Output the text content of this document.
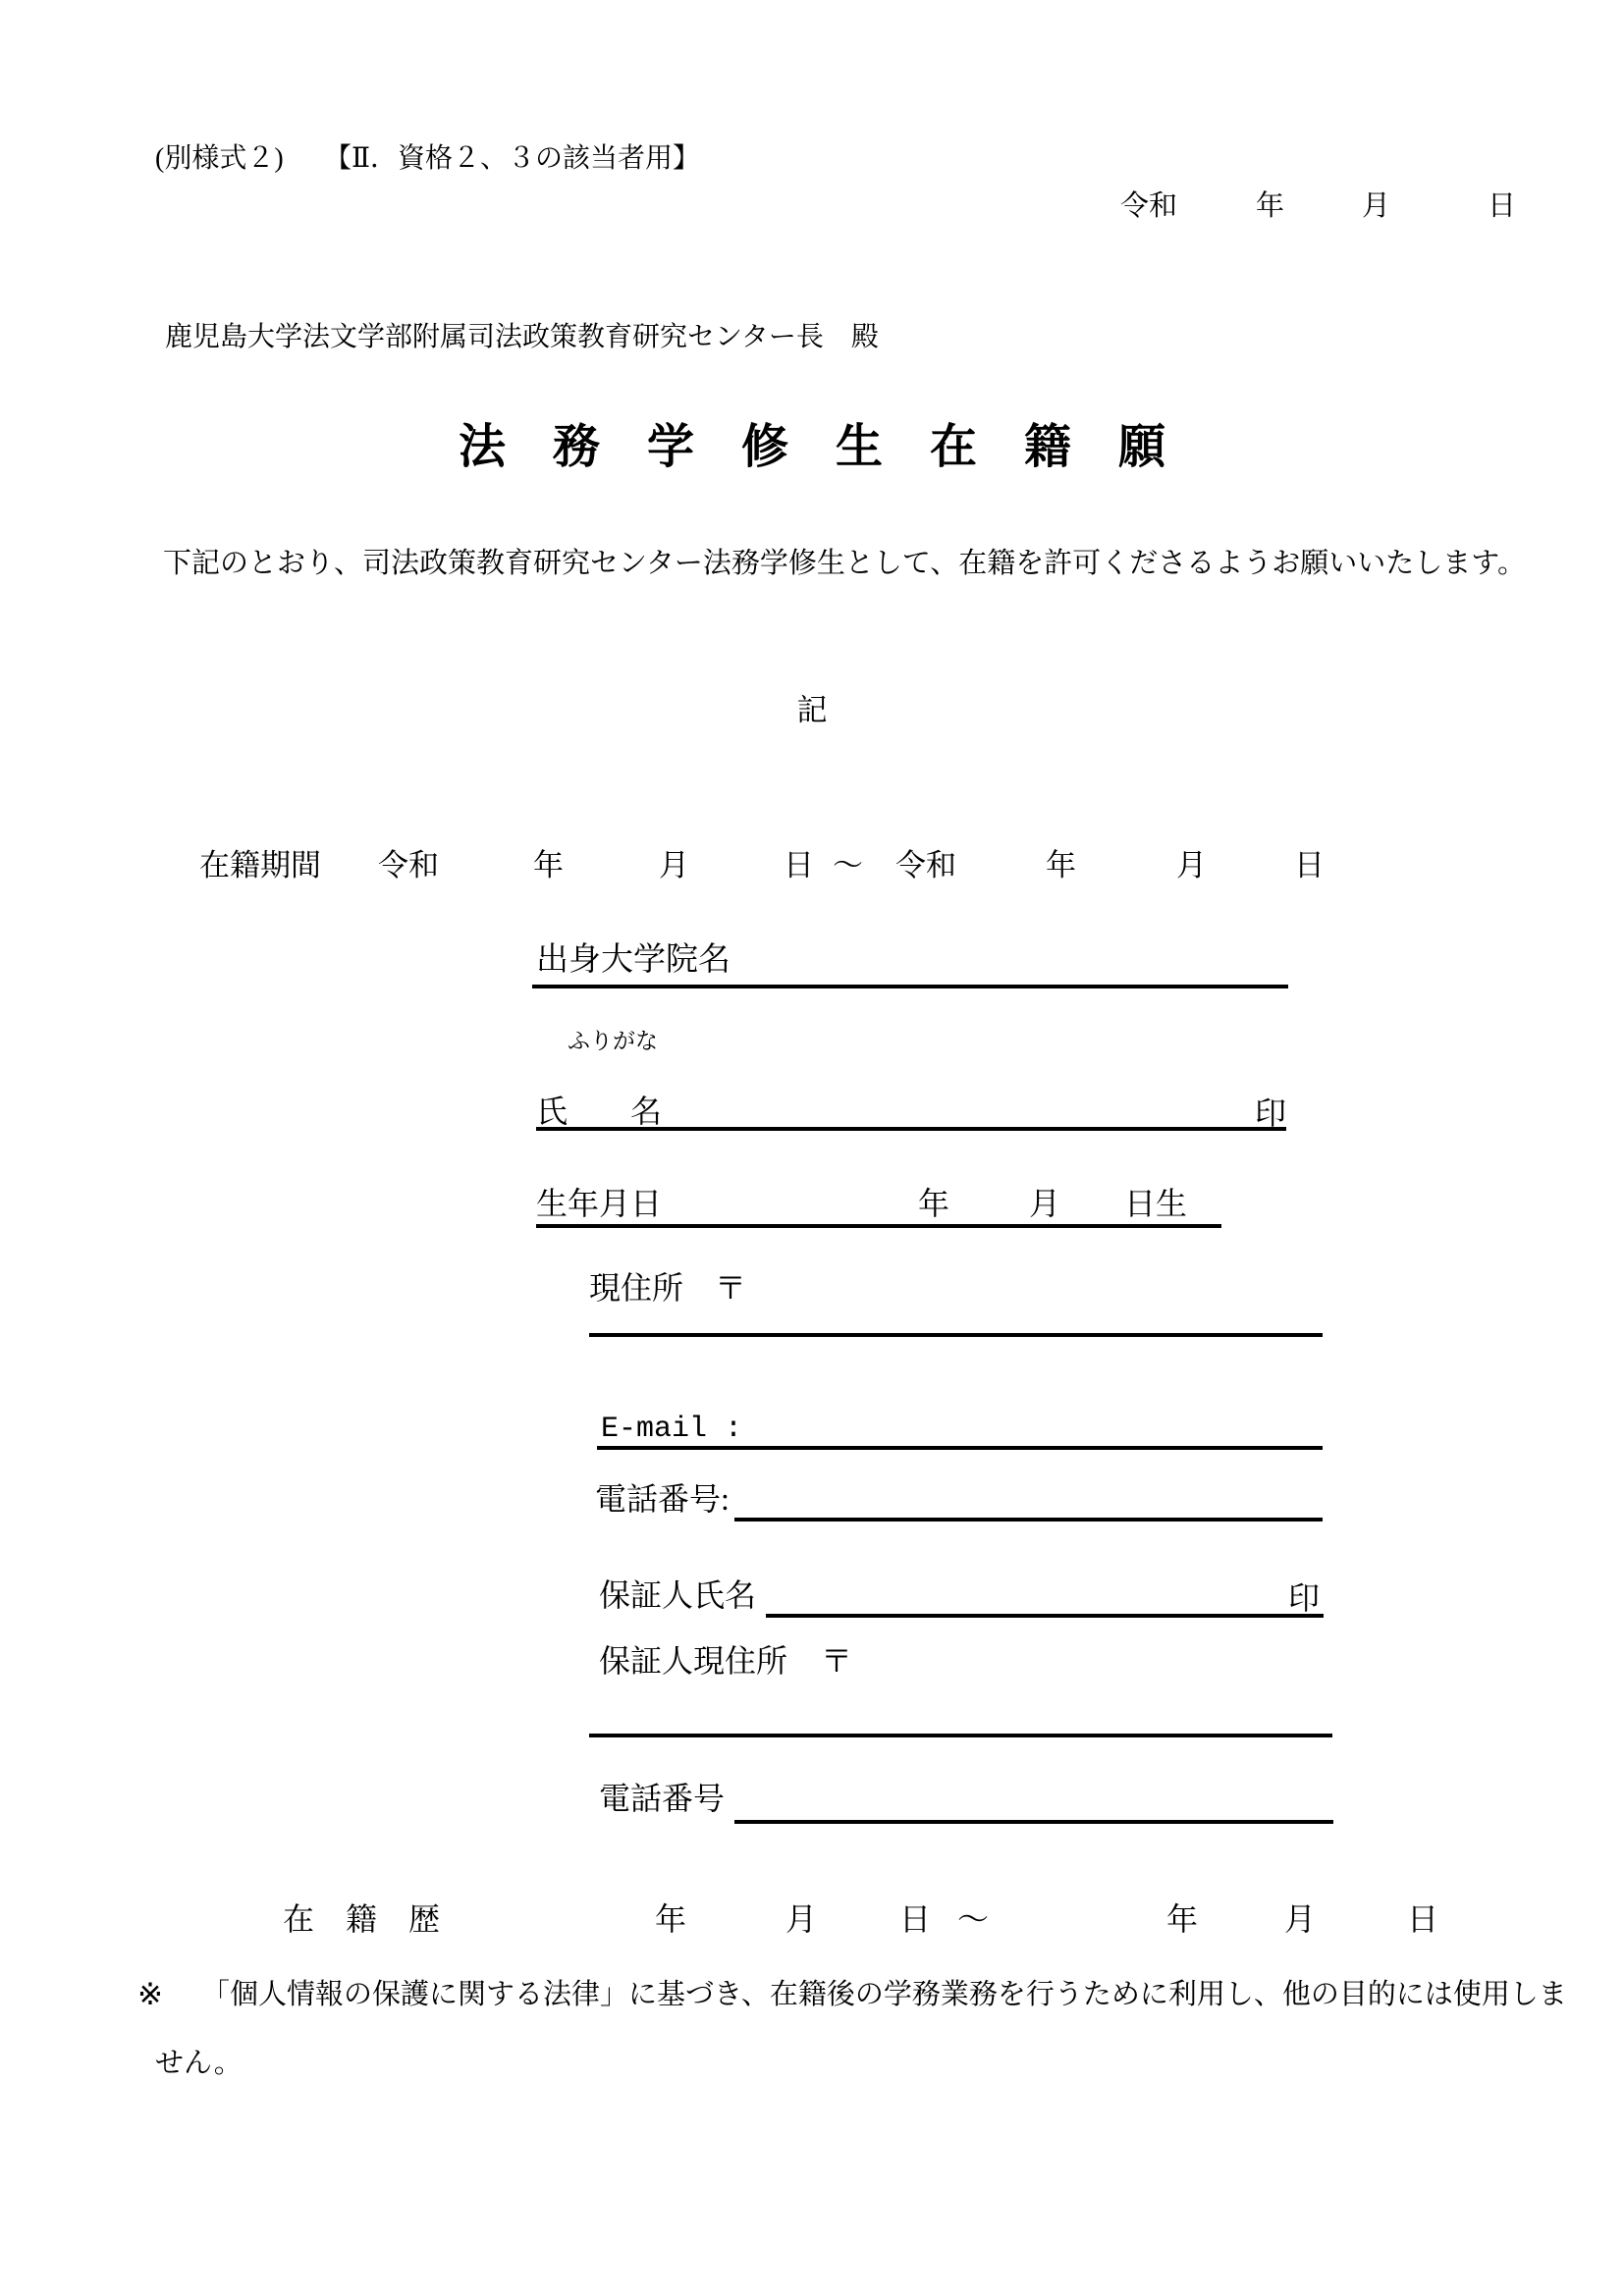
(別様式２) 【Ⅱ．資格２、３の該当者用】
令和	年	月	日
鹿児島大学法文学部附属司法政策教育研究センター長　殿
法　務　学　修　生　在　籍　願
下記のとおり、司法政策教育研究センター法務学修生として、在籍を許可くださるようお願いいたします。
記
在籍期間 令和	年	月	日 ～ 令和	年	月	日
出身大学院名
ふりがな
氏　　名	印
生年月日	年	月 日生
現住所 〒
E-mail :
電話番号:
保証人氏名	印
保証人現住所 〒
電話番号
在　籍　歴	年	月	日 ～	年	月	日
※ 「個人情報の保護に関する法律」に基づき、在籍後の学務業務を行うために利用し、他の目的には使用しま
せん。
